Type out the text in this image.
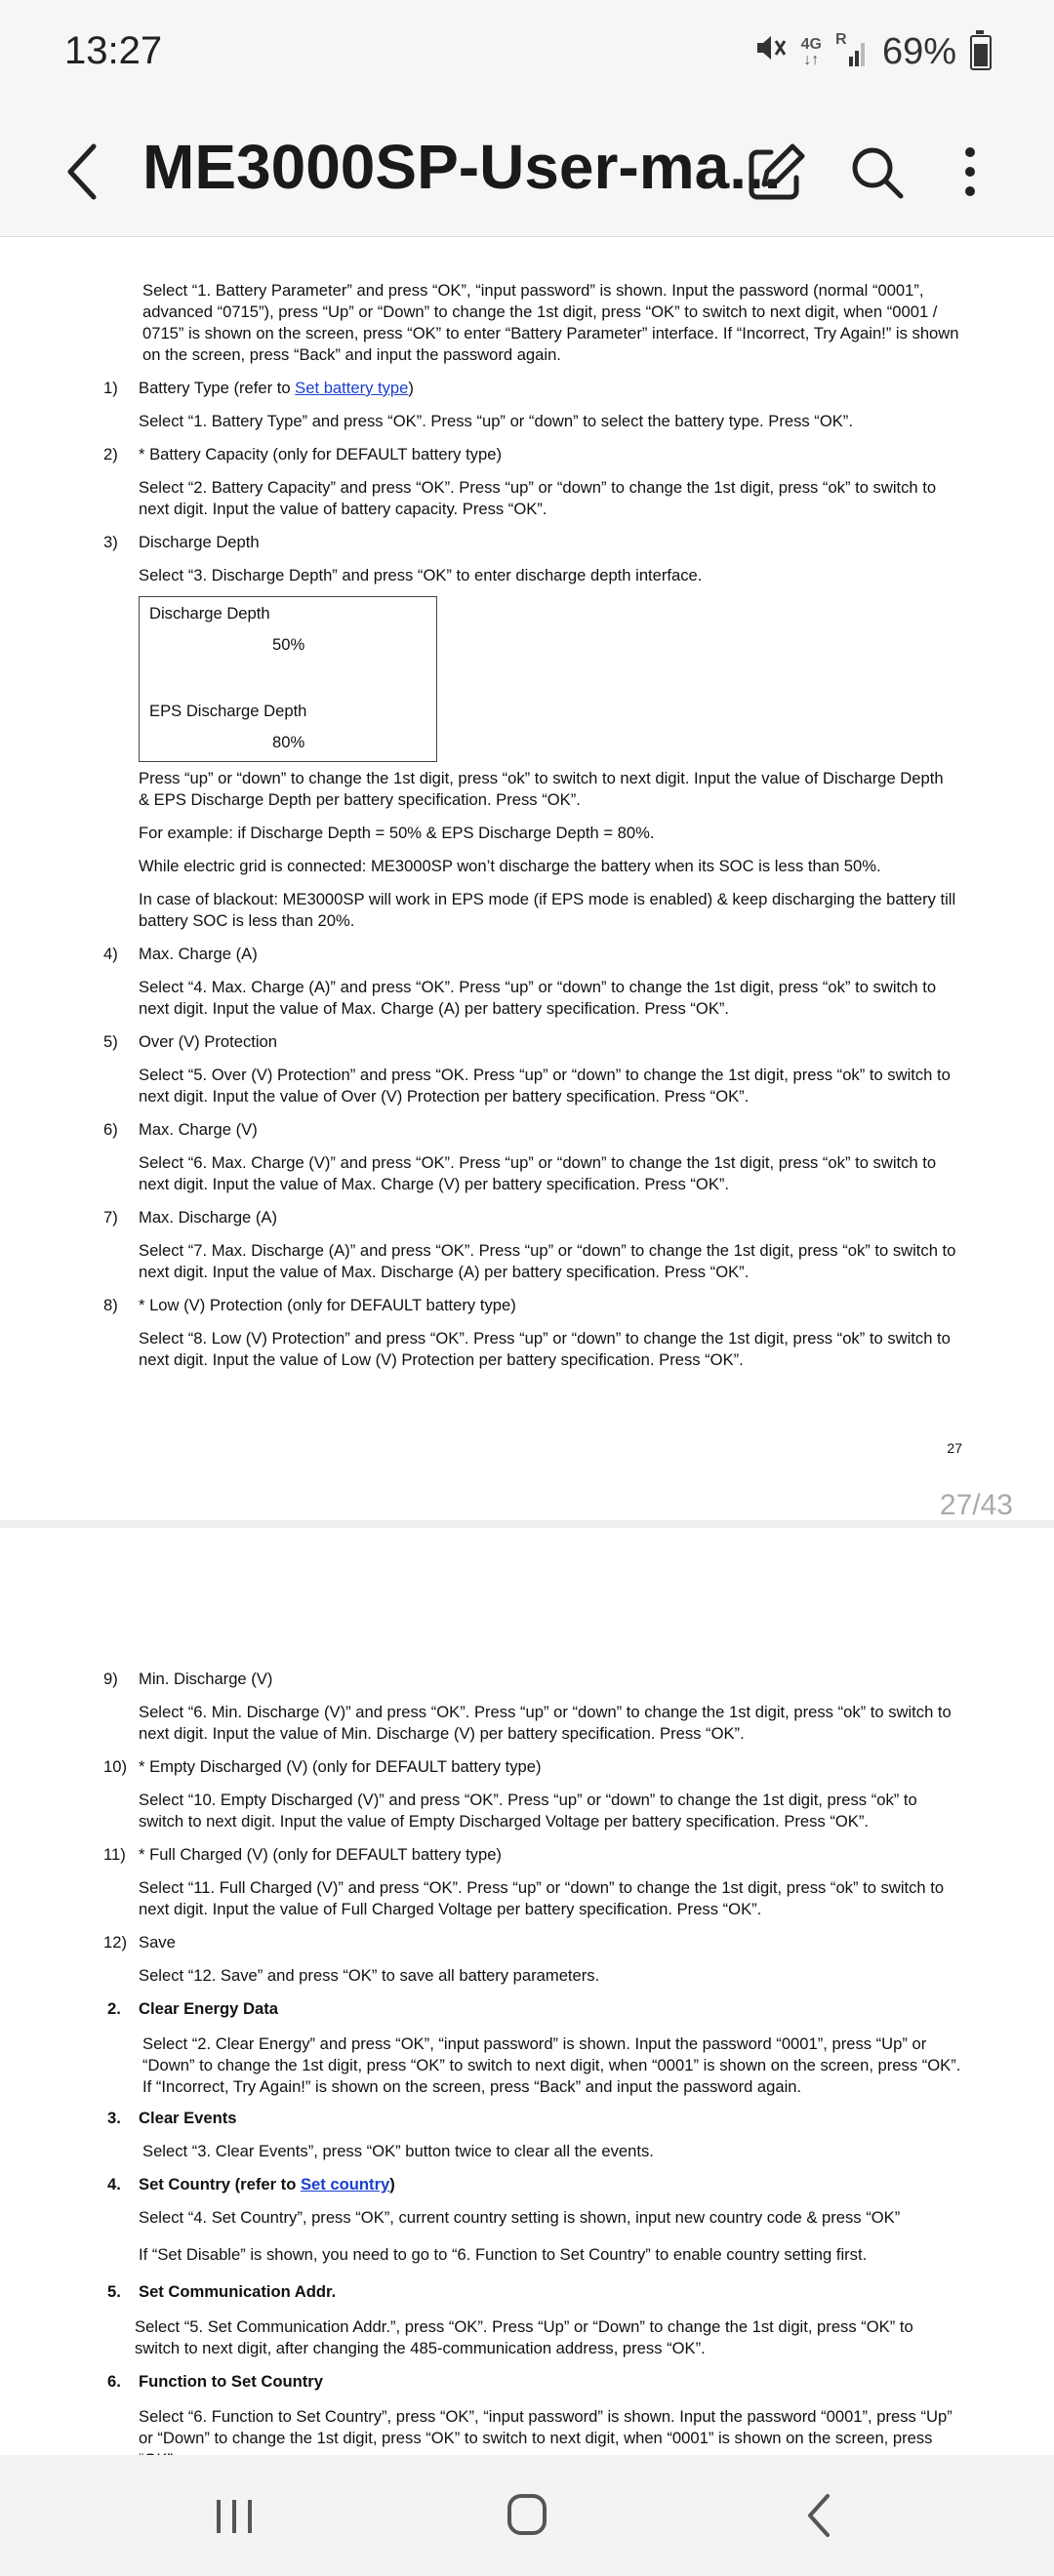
13:27	4G
↓↑
R 69%
ME3000SP-User-ma...

Select “1. Battery Parameter” and press “OK”, “input password” is shown. Input the password (normal “0001”, advanced “0715”), press “Up” or “Down” to change the 1st digit, press “OK” to switch to next digit, when “0001 / 0715” is shown on the screen, press “OK” to enter “Battery Parameter” interface. If “Incorrect, Try Again!” is shown on the screen, press “Back” and input the password again.

1) Battery Type (refer to Set battery type)

Select “1. Battery Type” and press “OK”. Press “up” or “down” to select the battery type. Press “OK”.

2) * Battery Capacity (only for DEFAULT battery type)

Select “2. Battery Capacity” and press “OK”. Press “up” or “down” to change the 1st digit, press “ok” to switch to next digit. Input the value of battery capacity. Press “OK”.

3) Discharge Depth

Select “3. Discharge Depth” and press “OK” to enter discharge depth interface.

Discharge Depth
50%
EPS Discharge Depth
80%

Press “up” or “down” to change the 1st digit, press “ok” to switch to next digit. Input the value of Discharge Depth & EPS Discharge Depth per battery specification. Press “OK”.

For example: if Discharge Depth = 50% & EPS Discharge Depth = 80%.

While electric grid is connected: ME3000SP won’t discharge the battery when its SOC is less than 50%.

In case of blackout: ME3000SP will work in EPS mode (if EPS mode is enabled) & keep discharging the battery till battery SOC is less than 20%.

4) Max. Charge (A)

Select “4. Max. Charge (A)” and press “OK”. Press “up” or “down” to change the 1st digit, press “ok” to switch to next digit. Input the value of Max. Charge (A) per battery specification. Press “OK”.

5) Over (V) Protection

Select “5. Over (V) Protection” and press “OK. Press “up” or “down” to change the 1st digit, press “ok” to switch to next digit. Input the value of Over (V) Protection per battery specification. Press “OK”.

6) Max. Charge (V)

Select “6. Max. Charge (V)” and press “OK”. Press “up” or “down” to change the 1st digit, press “ok” to switch to next digit. Input the value of Max. Charge (V) per battery specification. Press “OK”.

7) Max. Discharge (A)

Select “7. Max. Discharge (A)” and press “OK”. Press “up” or “down” to change the 1st digit, press “ok” to switch to next digit. Input the value of Max. Discharge (A) per battery specification. Press “OK”.

8) * Low (V) Protection (only for DEFAULT battery type)

Select “8. Low (V) Protection” and press “OK”. Press “up” or “down” to change the 1st digit, press “ok” to switch to next digit. Input the value of Low (V) Protection per battery specification. Press “OK”.

27
27/43

9) Min. Discharge (V)

Select “6. Min. Discharge (V)” and press “OK”. Press “up” or “down” to change the 1st digit, press “ok” to switch to next digit. Input the value of Min. Discharge (V) per battery specification. Press “OK”.

10) * Empty Discharged (V) (only for DEFAULT battery type)

Select “10. Empty Discharged (V)” and press “OK”. Press “up” or “down” to change the 1st digit, press “ok” to switch to next digit. Input the value of Empty Discharged Voltage per battery specification. Press “OK”.

11) * Full Charged (V) (only for DEFAULT battery type)

Select “11. Full Charged (V)” and press “OK”. Press “up” or “down” to change the 1st digit, press “ok” to switch to next digit. Input the value of Full Charged Voltage per battery specification. Press “OK”.

12) Save

Select “12. Save” and press “OK” to save all battery parameters.

2. Clear Energy Data

Select “2. Clear Energy” and press “OK”, “input password” is shown. Input the password “0001”, press “Up” or “Down” to change the 1st digit, press “OK” to switch to next digit, when “0001” is shown on the screen, press “OK”. If “Incorrect, Try Again!” is shown on the screen, press “Back” and input the password again.

3. Clear Events

Select “3. Clear Events”, press “OK” button twice to clear all the events.

4. Set Country (refer to Set country)

Select “4. Set Country”, press “OK”, current country setting is shown, input new country code & press “OK”

If “Set Disable” is shown, you need to go to “6. Function to Set Country” to enable country setting first.

5. Set Communication Addr.

Select “5. Set Communication Addr.”, press “OK”. Press “Up” or “Down” to change the 1st digit, press “OK” to switch to next digit, after changing the 485-communication address, press “OK”.

6. Function to Set Country

Select “6. Function to Set Country”, press “OK”, “input password” is shown. Input the password “0001”, press “Up” or “Down” to change the 1st digit, press “OK” to switch to next digit, when “0001” is shown on the screen, press
